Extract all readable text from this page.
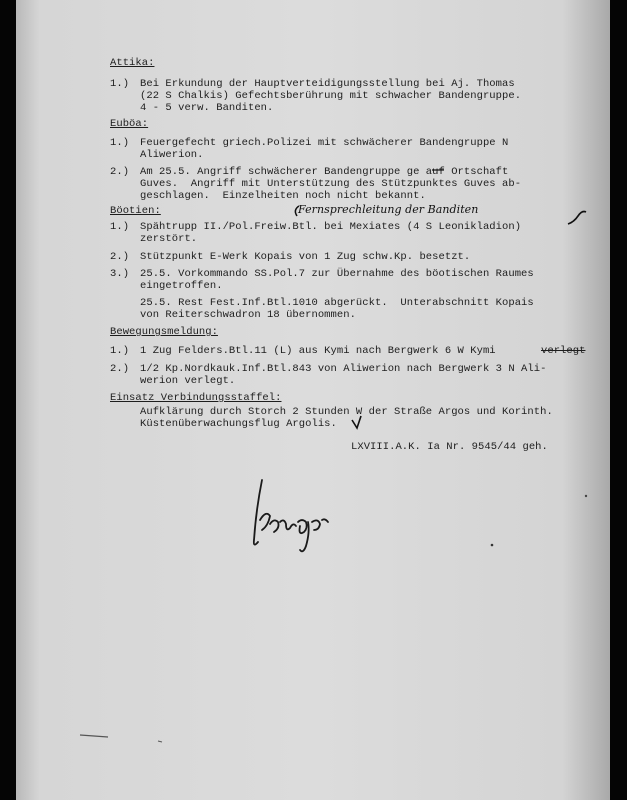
Attika:
1.) Bei Erkundung der Hauptverteidigungsstellung bei Aj. Thomas
(22 S Chalkis) Gefechtsberührung mit schwacher Bandengruppe.
4 - 5 verw. Banditen.
Euböa:
1.) Feuergefecht griech.Polizei mit schwächerer Bandengruppe N
Aliwerion.
2.) Am 25.5. Angriff schwächerer Bandengruppe ge auf Ortschaft
Guves.  Angriff mit Unterstützung des Stützpunktes Guves ab-
geschlagen.  Einzelheiten noch nicht bekannt.
Böotien:	Fernsprechleitung der Banditen
1.) Spähtrupp II./Pol.Freiw.Btl. bei Mexiates (4 S Leonikladion)
zerstört.
2.) Stützpunkt E-Werk Kopais von 1 Zug schw.Kp. besetzt.
3.) 25.5. Vorkommando SS.Pol.7 zur Übernahme des böotischen Raumes
eingetroffen.
25.5. Rest Fest.Inf.Btl.1010 abgerückt.  Unterabschnitt Kopais
von Reiterschwadron 18 übernommen.
Bewegungsmeldung:
1.) 1 Zug Felders.Btl.11 (L) aus Kymi nach Bergwerk 6 W Kymi	verlegt
2.) 1/2 Kp.Nordkauk.Inf.Btl.843 von Aliwerion nach Bergwerk 3 N Ali-
werion verlegt.
Einsatz Verbindungsstaffel:
Aufklärung durch Storch 2 Stunden W der Straße Argos und Korinth.
Küstenüberwachungsflug Argolis.
LXVIII.A.K. Ia Nr. 9545/44 geh.
